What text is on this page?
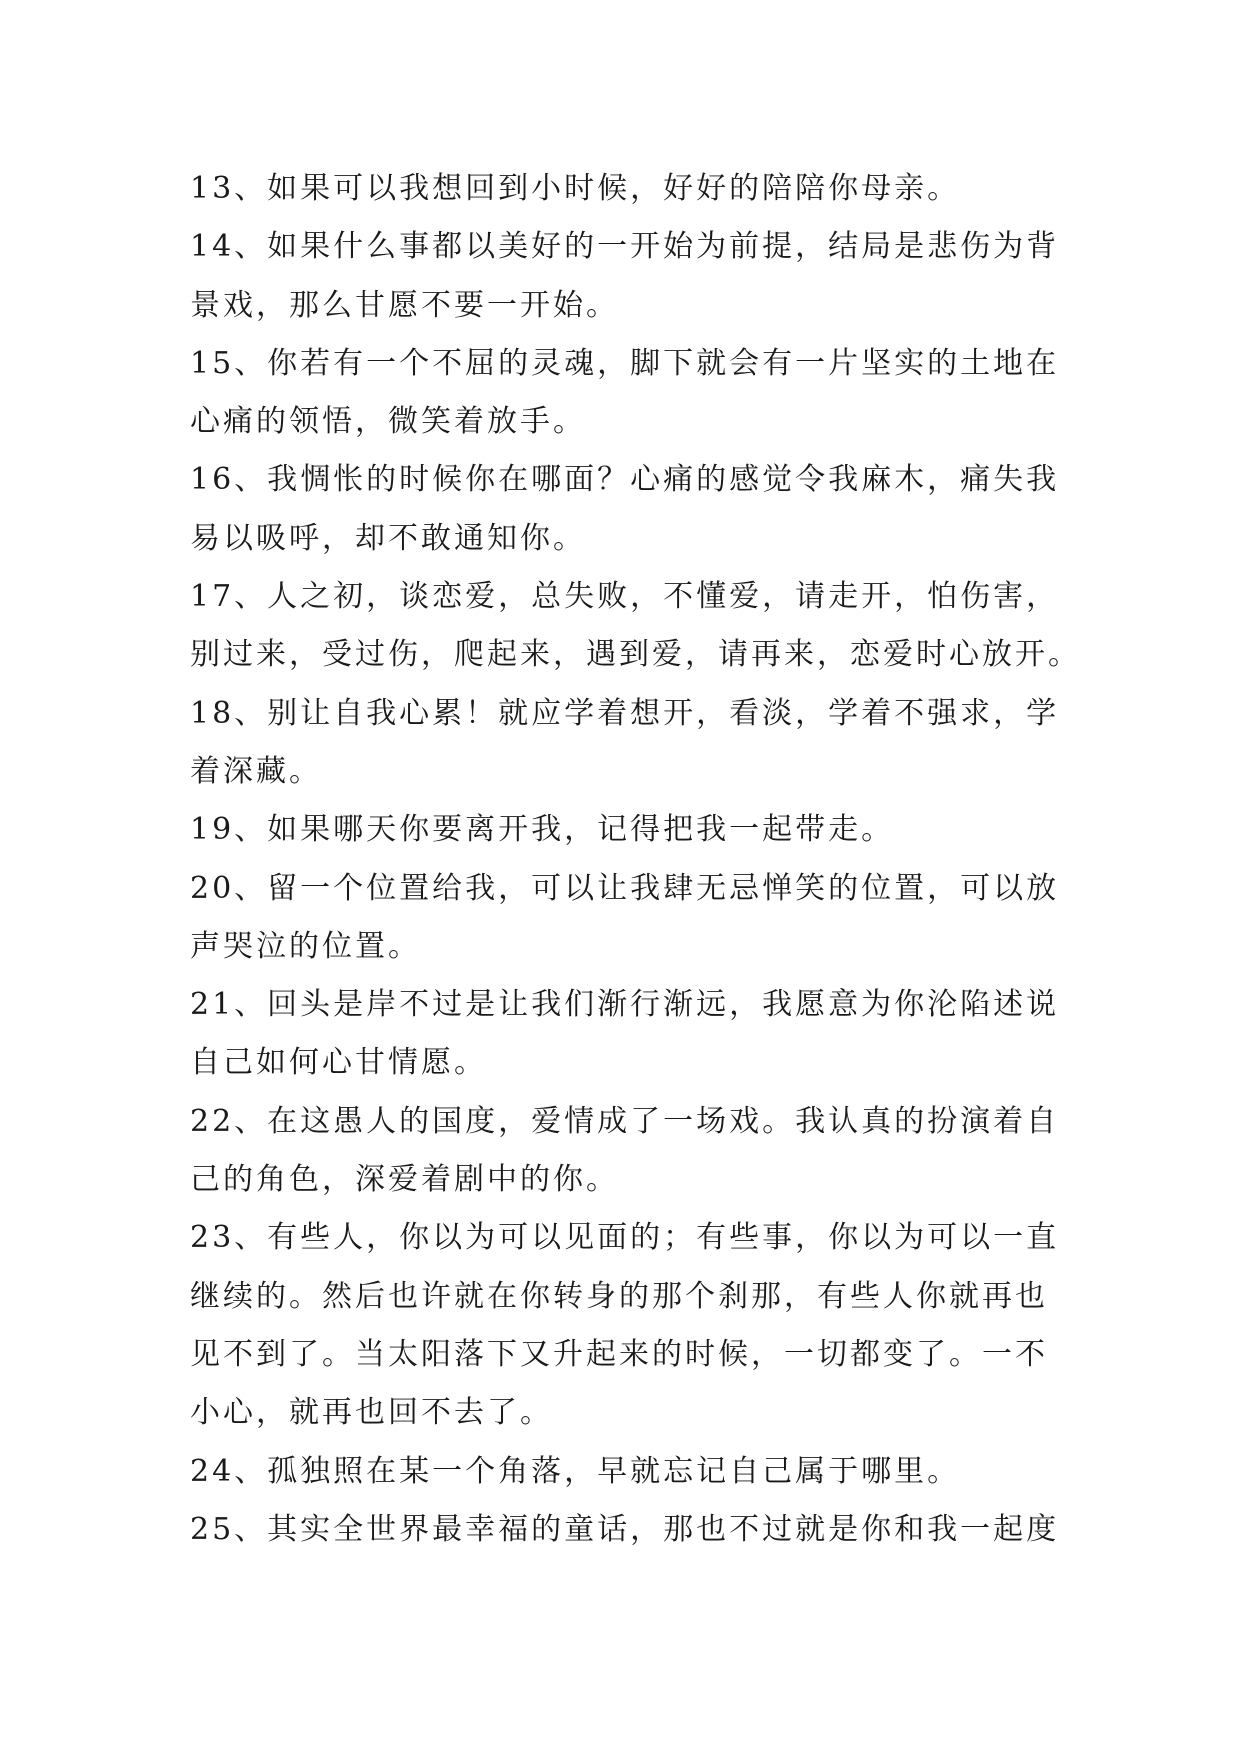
13、如果可以我想回到小时候，好好的陪陪你母亲。
14、如果什么事都以美好的一开始为前提，结局是悲伤为背
景戏，那么甘愿不要一开始。
15、你若有一个不屈的灵魂，脚下就会有一片坚实的土地在
心痛的领悟，微笑着放手。
16、我惆怅的时候你在哪面？心痛的感觉令我麻木，痛失我
易以吸呼，却不敢通知你。
17、人之初，谈恋爱，总失败，不懂爱，请走开，怕伤害，
别过来，受过伤，爬起来，遇到爱，请再来，恋爱时心放开。
18、别让自我心累！就应学着想开，看淡，学着不强求，学
着深藏。
19、如果哪天你要离开我，记得把我一起带走。
20、留一个位置给我，可以让我肆无忌惮笑的位置，可以放
声哭泣的位置。
21、回头是岸不过是让我们渐行渐远，我愿意为你沦陷述说
自己如何心甘情愿。
22、在这愚人的国度，爱情成了一场戏。我认真的扮演着自
己的角色，深爱着剧中的你。
23、有些人，你以为可以见面的；有些事，你以为可以一直
继续的。然后也许就在你转身的那个刹那，有些人你就再也
见不到了。当太阳落下又升起来的时候，一切都变了。一不
小心，就再也回不去了。
24、孤独照在某一个角落，早就忘记自己属于哪里。
25、其实全世界最幸福的童话，那也不过就是你和我一起度
